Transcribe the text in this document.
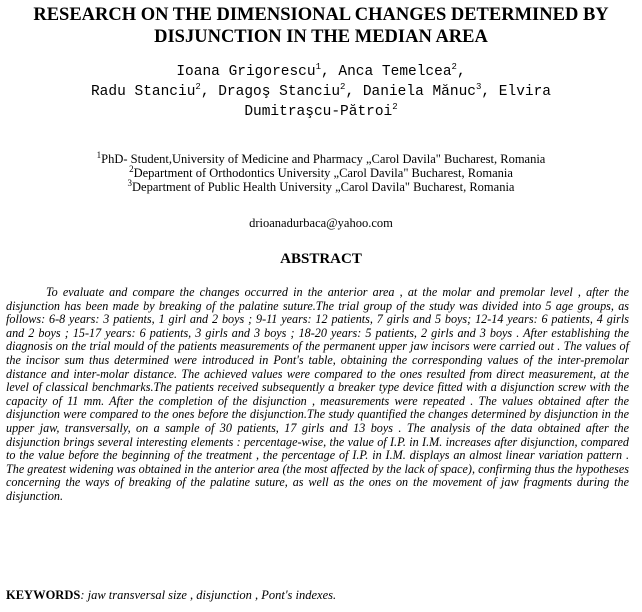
RESEARCH ON THE DIMENSIONAL CHANGES DETERMINED BY
DISJUNCTION IN THE MEDIAN AREA
Ioana Grigorescu$^1$, Anca Temelcea$^2$,
Radu Stanciu$^2$, Dragoş Stanciu$^2$, Daniela Mănuc$^3$, Elvira
Dumitraşcu-Pătroi$^2$
$^1$PhD- Student,University of Medicine and Pharmacy „Carol Davila" Bucharest, Romania
$^2$Department of Orthodontics University „Carol Davila" Bucharest, Romania
$^3$Department of Public Health University „Carol Davila" Bucharest, Romania
drioanadurbaca@yahoo.com
ABSTRACT

To evaluate and compare the changes occurred in the anterior area , at the molar and premolar level , after the disjunction has been made by breaking of the palatine suture.The trial group of the study was divided into 5 age groups, as follows: 6-8 years: 3 patients, 1 girl and 2 boys ; 9-11 years: 12 patients, 7 girls and 5 boys; 12-14 years: 6 patients, 4 girls and 2 boys ; 15-17 years: 6 patients, 3 girls and 3 boys ; 18-20 years: 5 patients, 2 girls and 3 boys . After establishing the diagnosis on the trial mould of the patients measurements of the permanent upper jaw incisors were carried out . The values of the incisor sum thus determined were introduced in Pont's table, obtaining the corresponding values of the inter-premolar distance and inter-molar distance. The achieved values were compared to the ones resulted from direct measurement, at the level of classical benchmarks.The patients received subsequently a breaker type device fitted with a disjunction screw with the capacity of 11 mm. After the completion of the disjunction , measurements were repeated . The values obtained after the disjunction were compared to the ones before the disjunction.The study quantified the changes determined by disjunction in the upper jaw, transversally, on a sample of 30 patients, 17 girls and 13 boys . The analysis of the data obtained after the disjunction brings several interesting elements : percentage-wise, the value of I.P. in I.M. increases after disjunction, compared to the value before the beginning of the treatment , the percentage of I.P. in I.M. displays an almost linear variation pattern . The greatest widening was obtained in the anterior area (the most affected by the lack of space), confirming thus the hypotheses concerning the ways of breaking of the palatine suture, as well as the ones on the movement of jaw fragments during the disjunction.

KEYWORDS: jaw transversal size , disjunction , Pont's indexes.
